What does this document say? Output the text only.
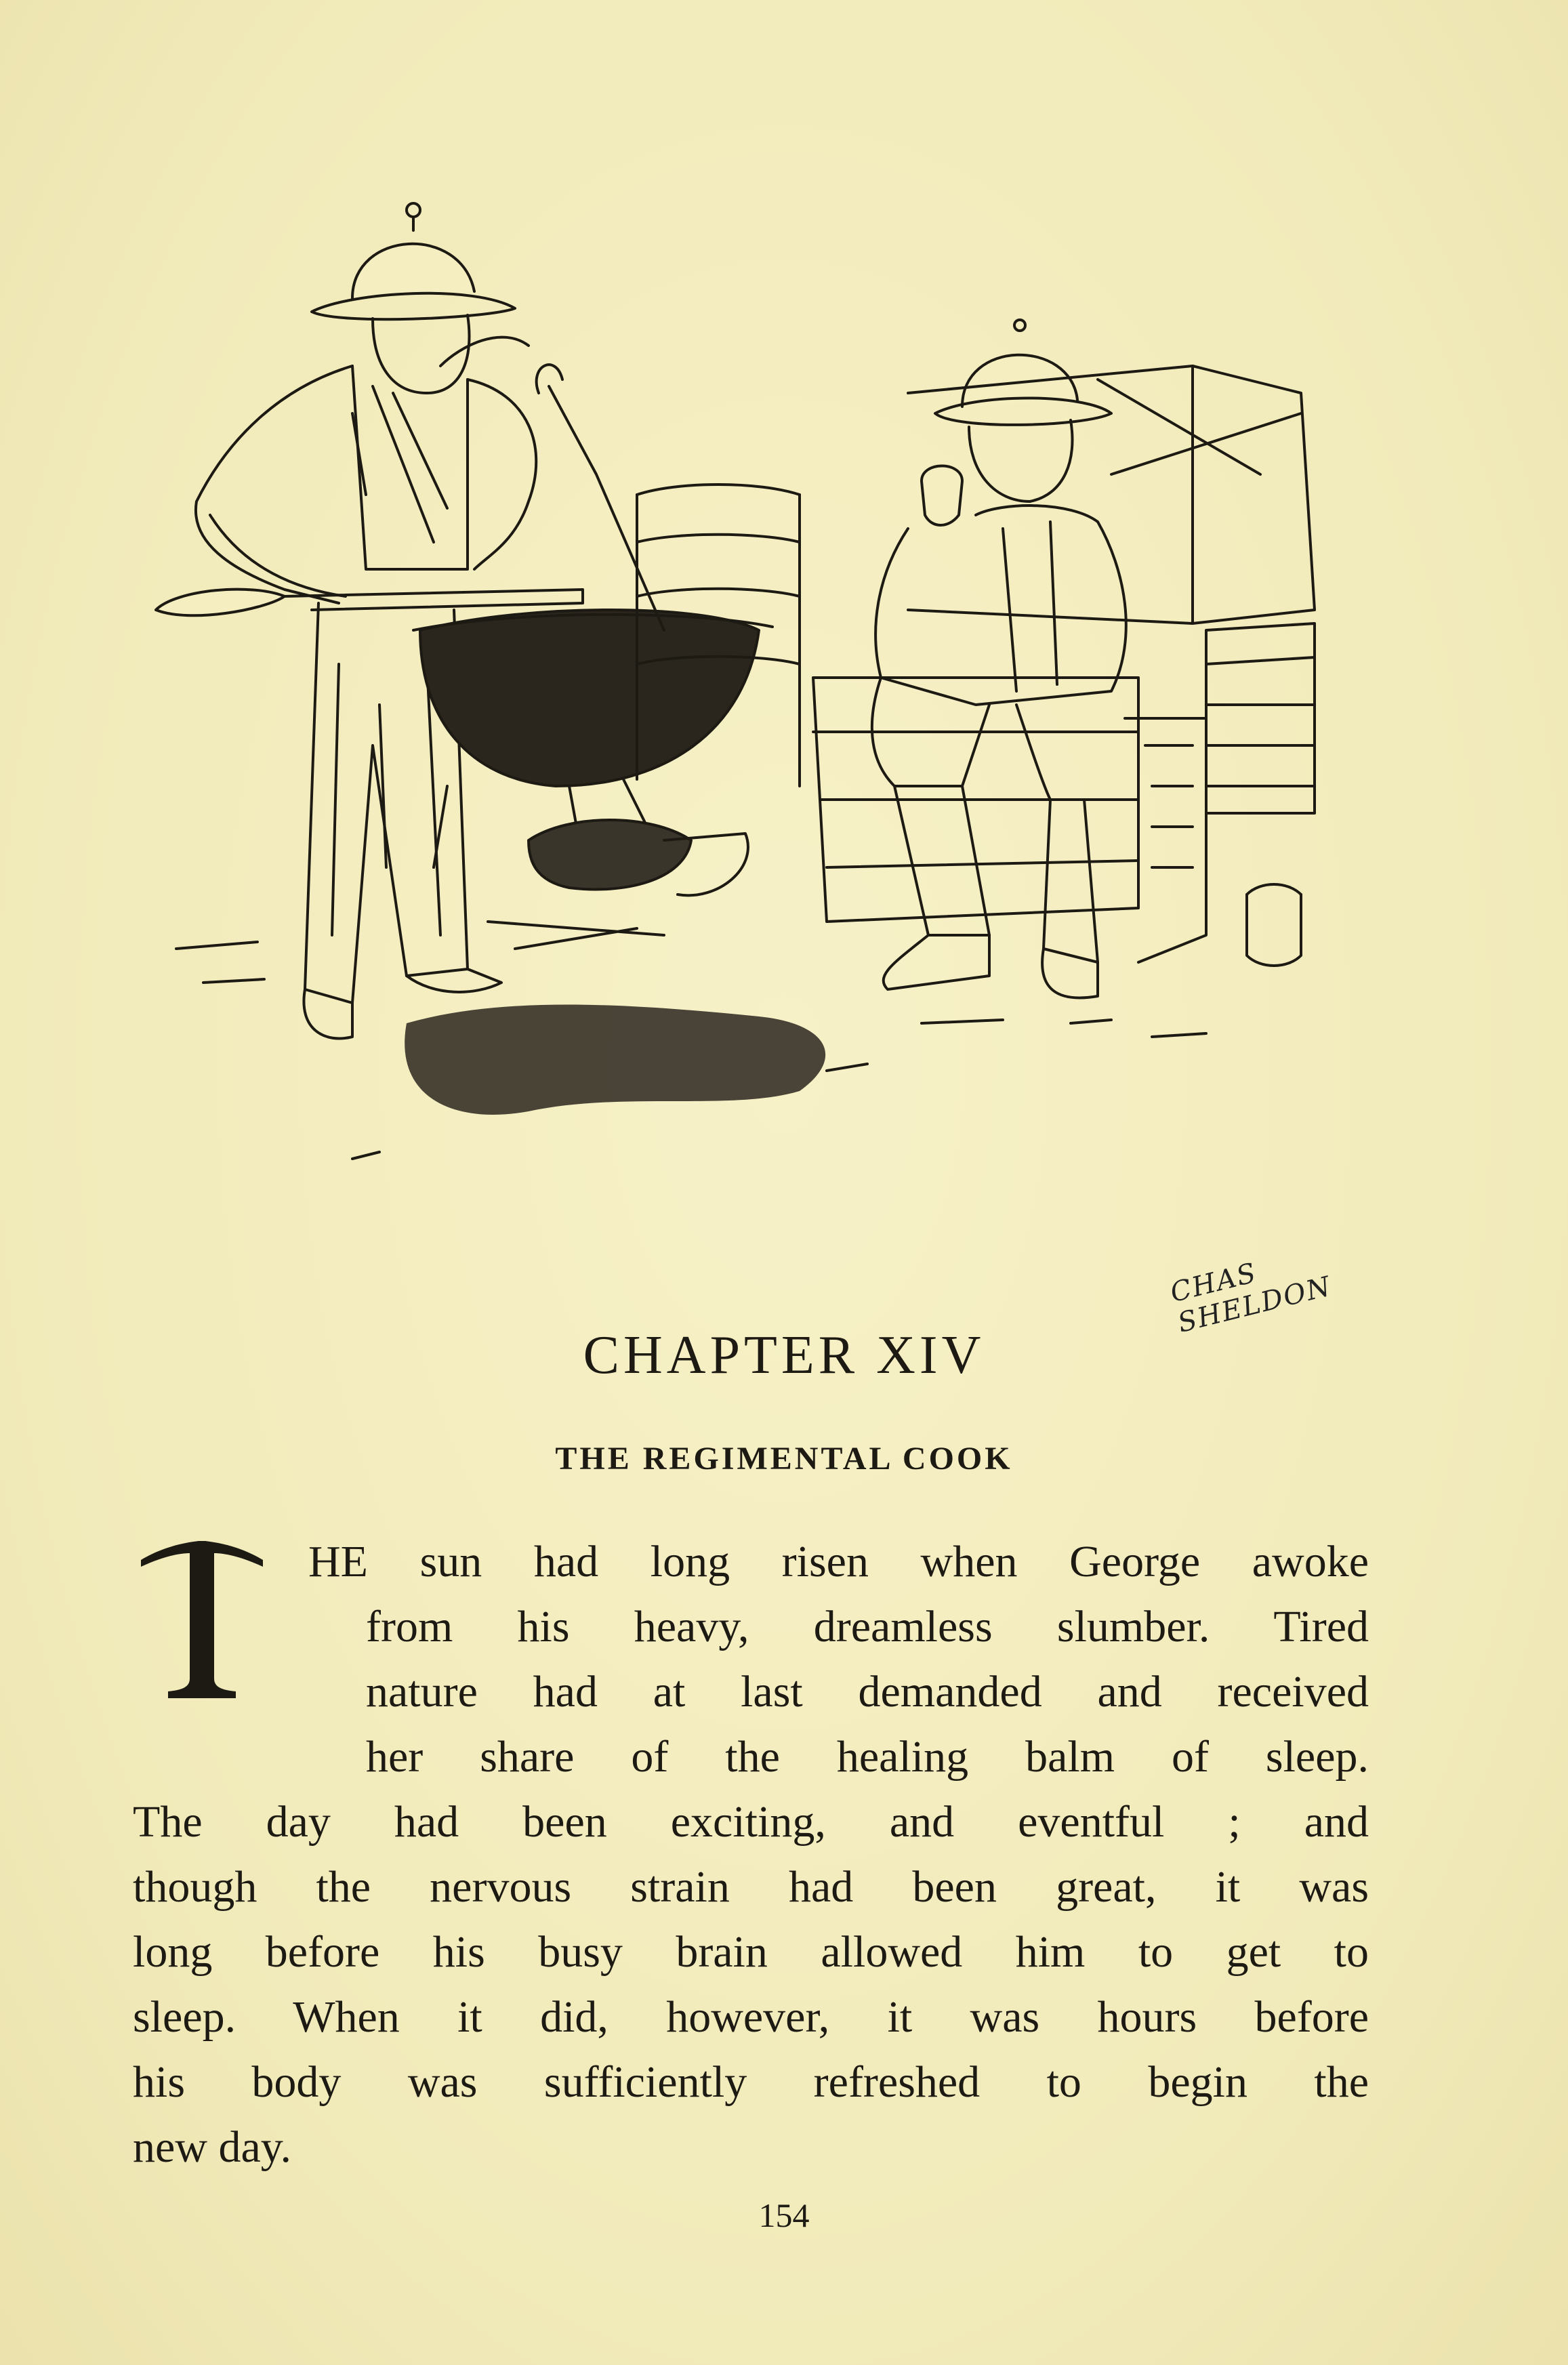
CHAS SHELDON
CHAPTER XIV
THE REGIMENTAL COOK
HE sun had long risen when George awoke
from his heavy, dreamless slumber. Tired
nature had at last demanded and received
her share of the healing balm of sleep.
The day had been exciting, and eventful ; and
though the nervous strain had been great, it was
long before his busy brain allowed him to get to
sleep. When it did, however, it was hours before
his body was sufficiently refreshed to begin the
new day.
154
